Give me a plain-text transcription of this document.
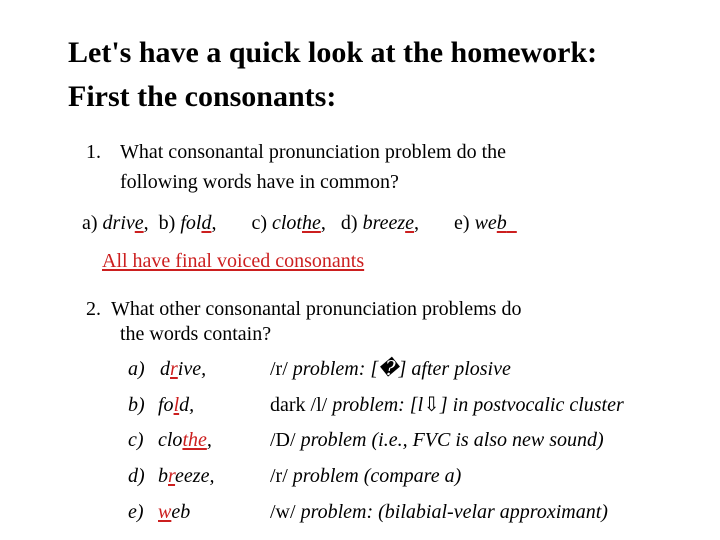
Let's have a quick look at the homework:
First the consonants:
1. What consonantal pronunciation problem do the
following words have in common?
a) drive, b) fold, c) clothe, d) breeze, e) web
All have final voiced consonants
2. What other consonantal pronunciation problems do
the words contain?
a) drive,	/r/ problem: [�] after plosive
b) fold,	dark /l/ problem: [l⇩] in postvocalic cluster
c) clothe,	/D/ problem (i.e., FVC is also new sound)
d) breeze,	/r/ problem (compare a)
e) web	/w/ problem: (bilabial-velar approximant)
